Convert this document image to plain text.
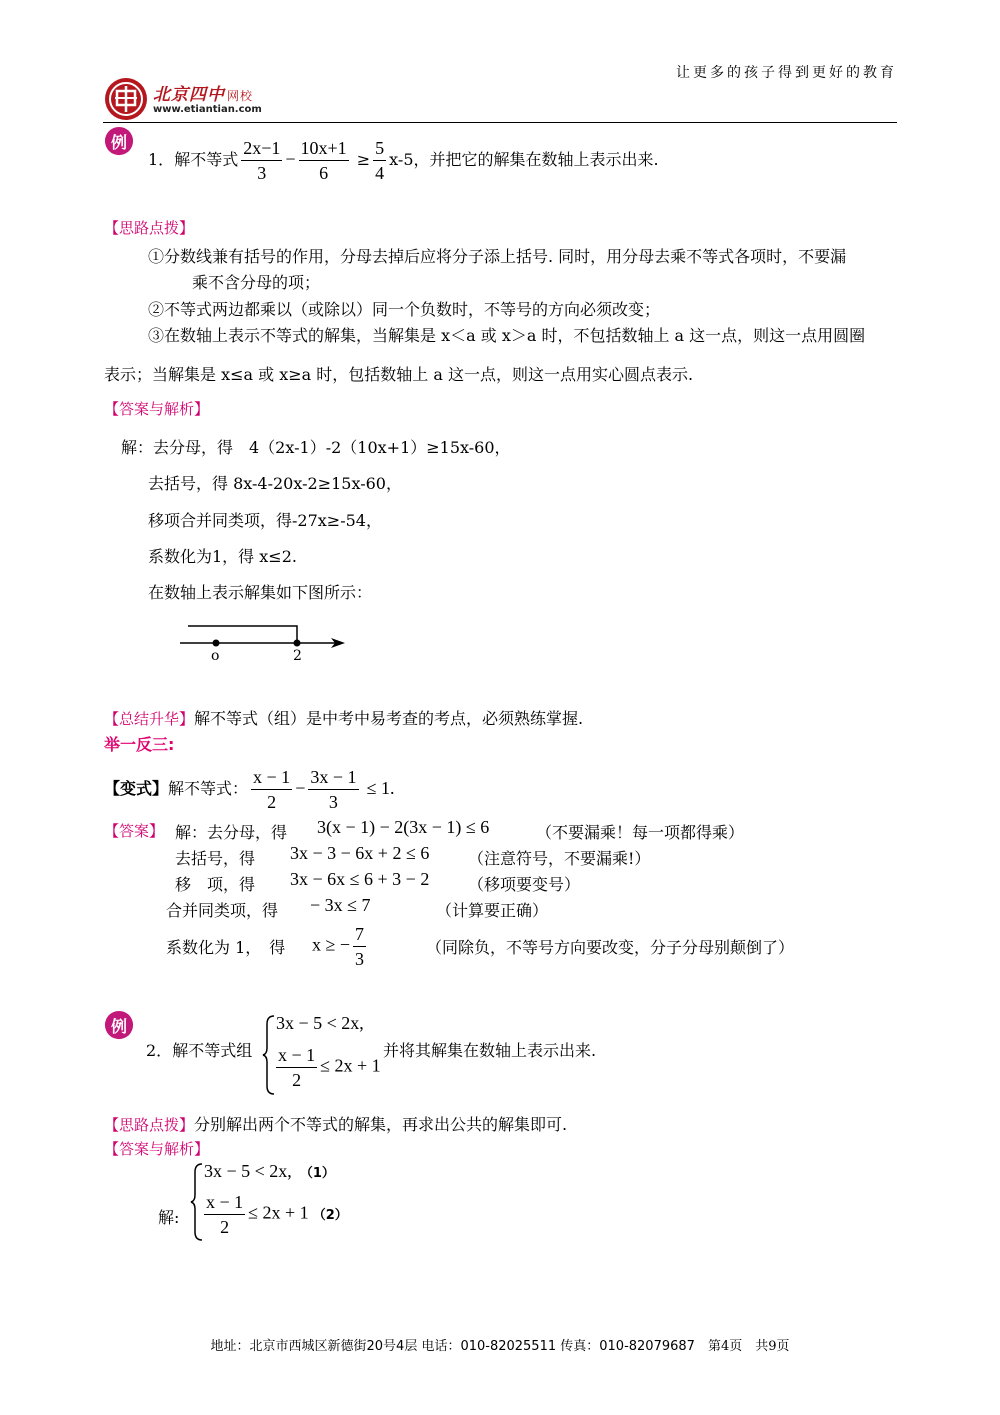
让更多的孩子得到更好的教育
北京四中 网校
www.etiantian.com
例
1．解不等式 $\frac{2x-1}{3} - \frac{10x+1}{6} \ge \frac{5}{4} x-5$，并把它的解集在数轴上表示出来.
【思路点拨】
①分数线兼有括号的作用，分母去掉后应将分子添上括号. 同时，用分母去乘不等式各项时，不要漏
乘不含分母的项；
②不等式两边都乘以（或除以）同一个负数时，不等号的方向必须改变；
③在数轴上表示不等式的解集，当解集是 x＜a 或 x＞a 时，不包括数轴上 a 这一点，则这一点用圆圈
表示；当解集是 x≤a 或 x≥a 时，包括数轴上 a 这一点，则这一点用实心圆点表示.
【答案与解析】
解：去分母，得　4（2x-1）-2（10x+1）≥15x-60，
去括号，得 8x-4-20x-2≥15x-60，
移项合并同类项，得-27x≥-54，
系数化为1，得 x≤2.
在数轴上表示解集如下图所示：
o	2
【总结升华】解不等式（组）是中考中易考查的考点，必须熟练掌握.
举一反三:
【变式】解不等式： $\frac{x - 1}{2} - \frac{3x - 1}{3} \le 1$.
【答案】 解：去分母，得 3(x − 1) − 2(3x − 1) ≤ 6	（不要漏乘！每一项都得乘）
去括号，得 3x − 3 − 6x + 2 ≤ 6 （注意符号，不要漏乘!）
移　项，得 3x − 6x ≤ 6 + 3 − 2 （移项要变号）
合并同类项，得 − 3x ≤ 7	（计算要正确）
系数化为 1，　得 x ≥ − $\frac{7}{3}$	（同除负，不等号方向要改变，分子分母别颠倒了）
例
2．解不等式组
3x − 5 < 2x,
$\frac{x - 1}{2} \le 2x + 1$
并将其解集在数轴上表示出来.
【思路点拨】分别解出两个不等式的解集，再求出公共的解集即可.
【答案与解析】
解:
3x − 5 < 2x, （1）
$\frac{x - 1}{2} \le 2x + 1$ （2）
地址：北京市西城区新德街20号4层 电话：010-82025511 传真：010-82079687　 第4页　共9页
